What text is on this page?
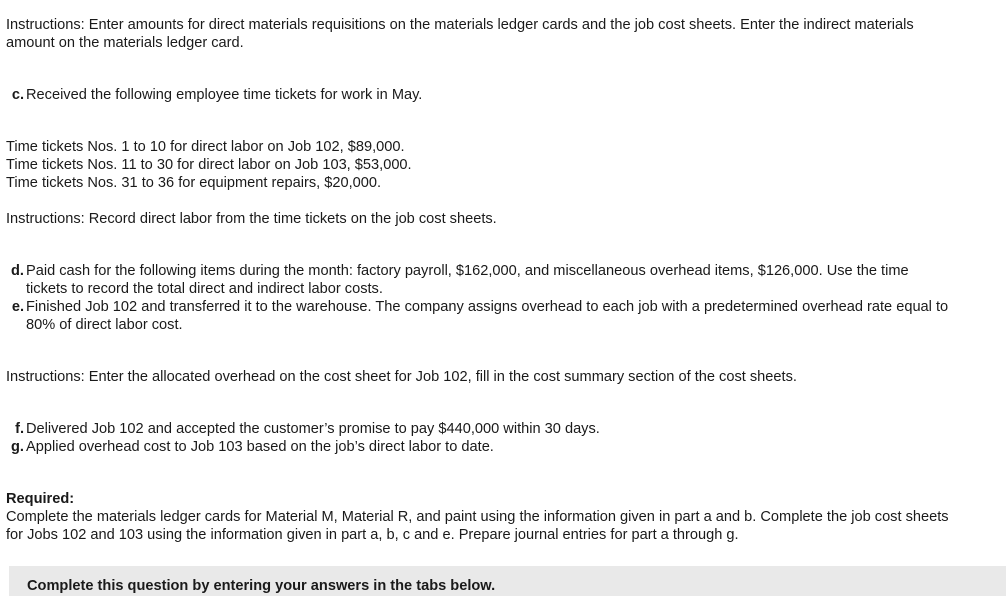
Instructions: Enter amounts for direct materials requisitions on the materials ledger cards and the job cost sheets. Enter the indirect materials amount on the materials ledger card.
c. Received the following employee time tickets for work in May.
Time tickets Nos. 1 to 10 for direct labor on Job 102, $89,000.
Time tickets Nos. 11 to 30 for direct labor on Job 103, $53,000.
Time tickets Nos. 31 to 36 for equipment repairs, $20,000.
Instructions: Record direct labor from the time tickets on the job cost sheets.
d. Paid cash for the following items during the month: factory payroll, $162,000, and miscellaneous overhead items, $126,000. Use the time tickets to record the total direct and indirect labor costs.
e. Finished Job 102 and transferred it to the warehouse. The company assigns overhead to each job with a predetermined overhead rate equal to 80% of direct labor cost.
Instructions: Enter the allocated overhead on the cost sheet for Job 102, fill in the cost summary section of the cost sheets.
f. Delivered Job 102 and accepted the customer’s promise to pay $440,000 within 30 days.
g. Applied overhead cost to Job 103 based on the job’s direct labor to date.
Required:
Complete the materials ledger cards for Material M, Material R, and paint using the information given in part a and b. Complete the job cost sheets for Jobs 102 and 103 using the information given in part a, b, c and e. Prepare journal entries for part a through g.
Complete this question by entering your answers in the tabs below.
